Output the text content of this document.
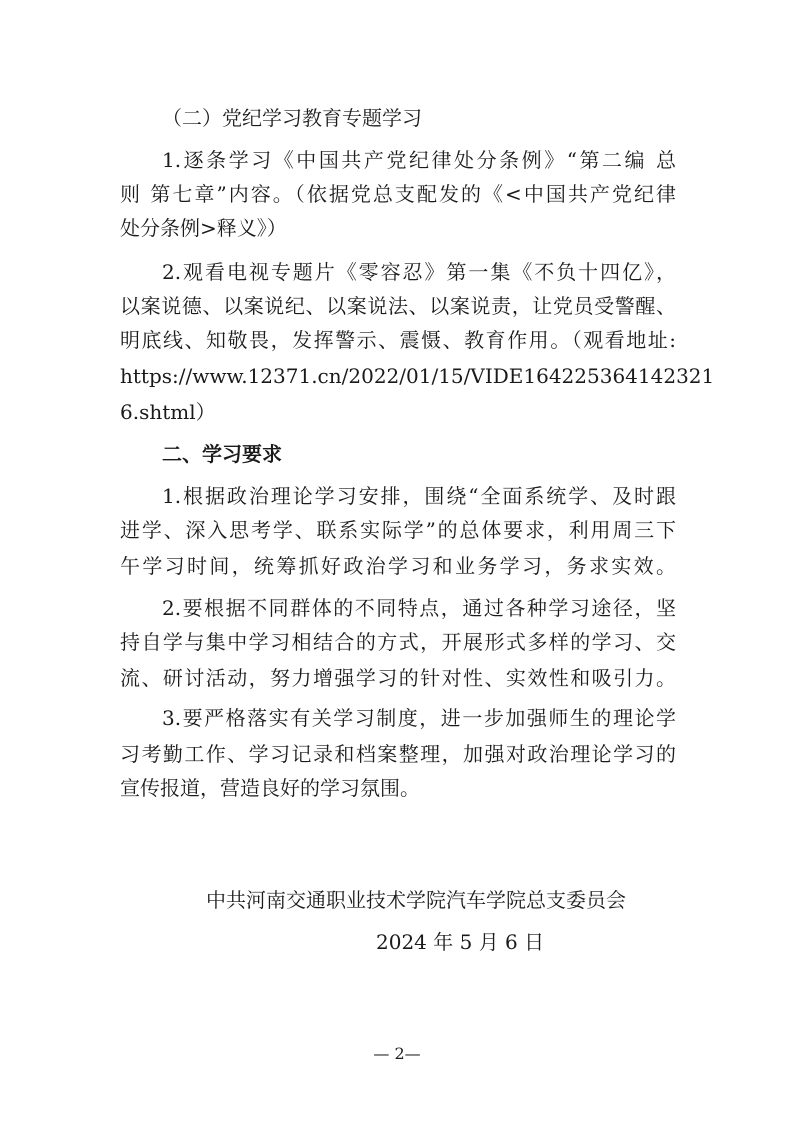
（二）党纪学习教育专题学习
1.逐条学习《中国共产党纪律处分条例》“第二编 总
则 第七章”内容。（依据党总支配发的《<中国共产党纪律
处分条例>释义》）
2.观看电视专题片《零容忍》第一集《不负十四亿》，
以案说德、以案说纪、以案说法、以案说责，让党员受警醒、
明底线、知敬畏，发挥警示、震慑、教育作用。（观看地址:
https://www.12371.cn/2022/01/15/VIDE164225364142321
6.shtml）
二、学习要求
1.根据政治理论学习安排，围绕“全面系统学、及时跟
进学、深入思考学、联系实际学”的总体要求，利用周三下
午学习时间，统筹抓好政治学习和业务学习，务求实效。
2.要根据不同群体的不同特点，通过各种学习途径，坚
持自学与集中学习相结合的方式，开展形式多样的学习、交
流、研讨活动，努力增强学习的针对性、实效性和吸引力。
3.要严格落实有关学习制度，进一步加强师生的理论学
习考勤工作、学习记录和档案整理，加强对政治理论学习的
宣传报道，营造良好的学习氛围。
中共河南交通职业技术学院汽车学院总支委员会
2024 年 5 月 6 日
— 2—
